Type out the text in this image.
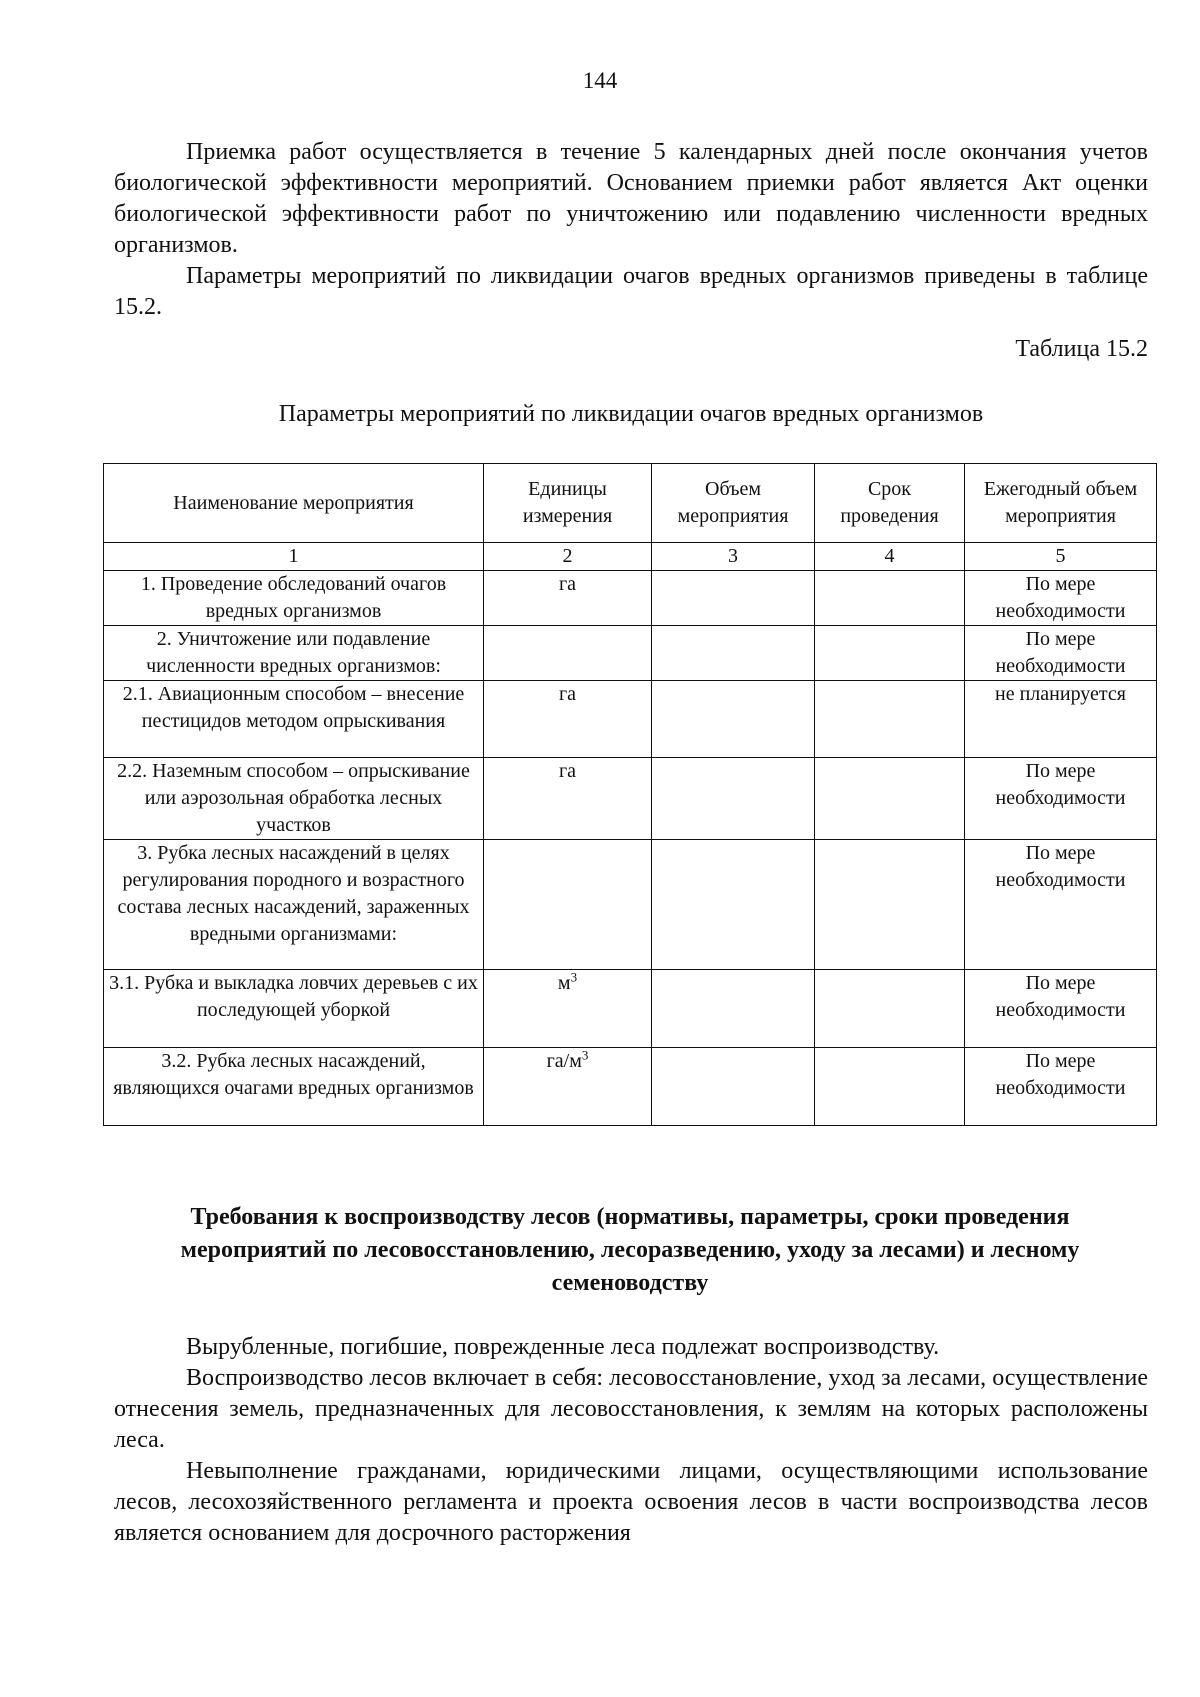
144

Приемка работ осуществляется в течение 5 календарных дней после окончания учетов биологической эффективности мероприятий. Основанием приемки работ является Акт оценки биологической эффективности работ по уничтожению или подавлению численности вредных организмов.

Параметры мероприятий по ликвидации очагов вредных организмов приведены в таблице 15.2.

Таблица 15.2
Параметры мероприятий по ликвидации очагов вредных организмов
Наименование мероприятия	Единицы измерения	Объем мероприятия	Срок проведения	Ежегодный объем мероприятия
1	2	3	4	5
1. Проведение обследований очагов вредных организмов	га			По мере необходимости
2. Уничтожение или подавление численности вредных организмов:				По мере необходимости
2.1. Авиационным способом – внесение пестицидов методом опрыскивания	га			не планируется
2.2. Наземным способом – опрыскивание или аэрозольная обработка лесных участков	га			По мере необходимости
3. Рубка лесных насаждений в целях регулирования породного и возрастного состава лесных насаждений, зараженных вредными организмами:				По мере необходимости
3.1. Рубка и выкладка ловчих деревьев с их последующей уборкой	$м^3$			По мере необходимости
3.2. Рубка лесных насаждений, являющихся очагами вредных организмов	$га/м^3$			По мере необходимости
Требования к воспроизводству лесов (нормативы, параметры, сроки проведения мероприятий по лесовосстановлению, лесоразведению, уходу за лесами) и лесному семеноводству

Вырубленные, погибшие, поврежденные леса подлежат воспроизводству.

Воспроизводство лесов включает в себя: лесовосстановление, уход за лесами, осуществление отнесения земель, предназначенных для лесовосстановления, к землям на которых расположены леса.

Невыполнение гражданами, юридическими лицами, осуществляющими использование лесов, лесохозяйственного регламента и проекта освоения лесов в части воспроизводства лесов является основанием для досрочного расторжения
